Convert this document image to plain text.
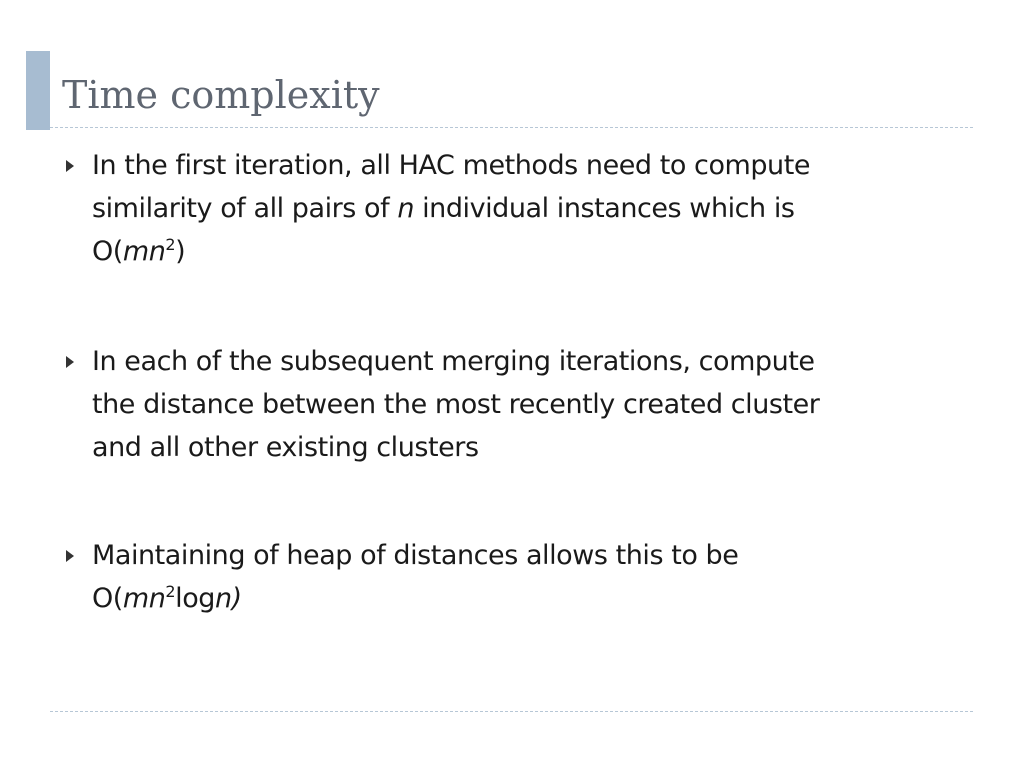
Time complexity

In the first iteration, all HAC methods need to compute
similarity of all pairs of n individual instances which is
$O(mn^2)$

In each of the subsequent merging iterations, compute
the distance between the most recently created cluster
and all other existing clusters

Maintaining of heap of distances allows this to be
$O(mn^2\log n)$
